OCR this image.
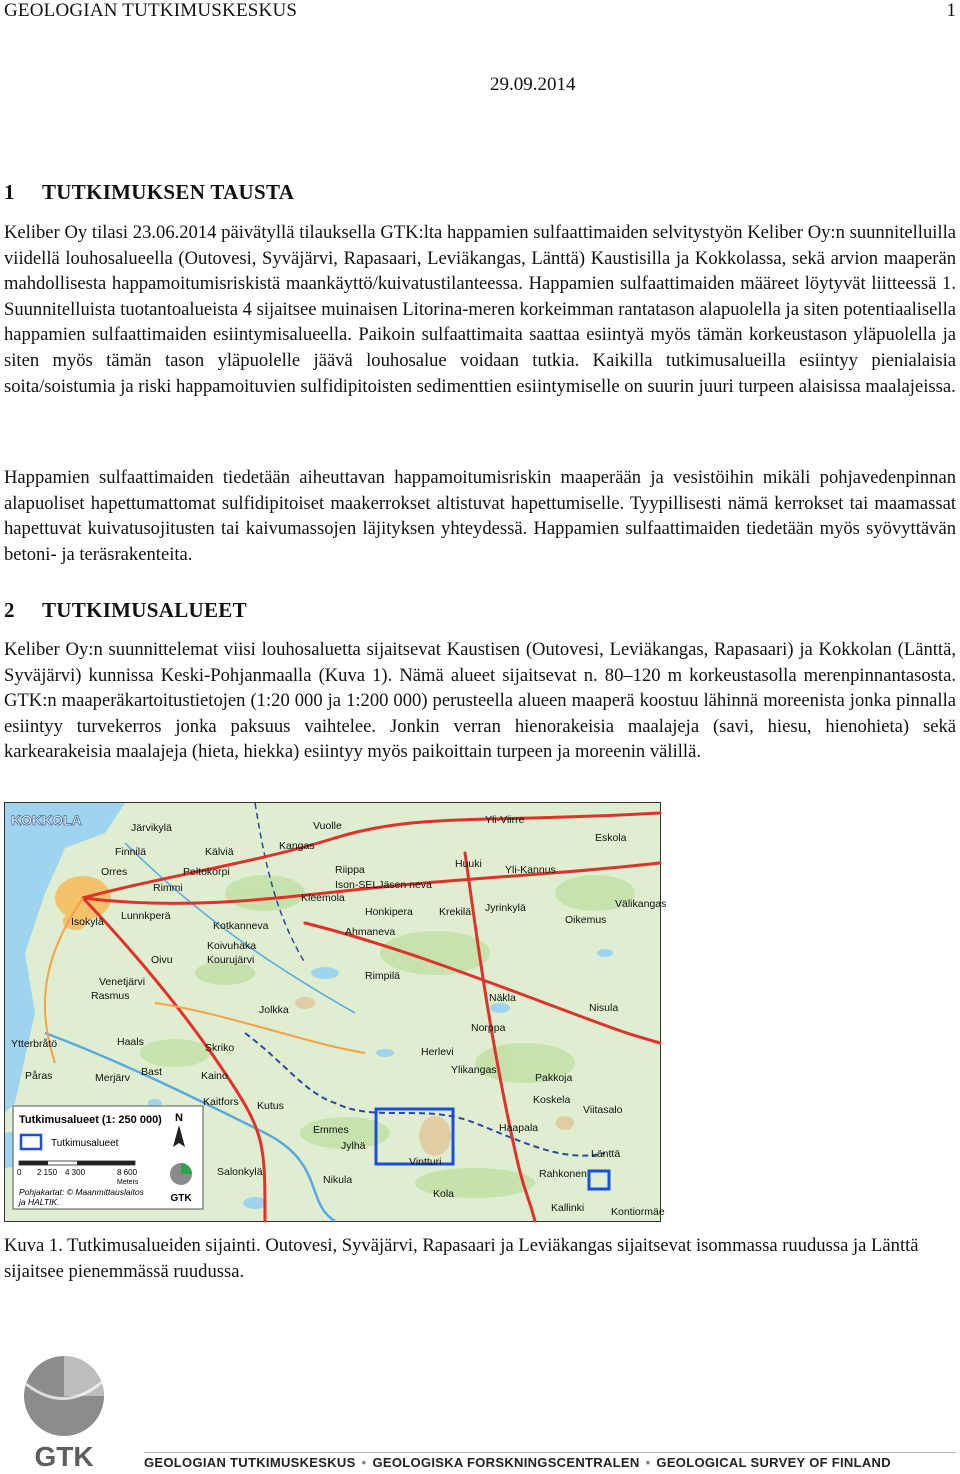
GEOLOGIAN TUTKIMUSKESKUS	1
29.09.2014
1 TUTKIMUKSEN TAUSTA

Keliber Oy tilasi 23.06.2014 päivätyllä tilauksella GTK:lta happamien sulfaattimaiden selvitystyön Keliber Oy:n suunnitelluilla viidellä louhosalueella (Outovesi, Syväjärvi, Rapasaari, Leviäkangas, Länttä) Kaustisilla ja Kokkolassa, sekä arvion maaperän mahdollisesta happamoitumisriskistä maankäyttö/kuivatustilanteessa. Happamien sulfaattimaiden määreet löytyvät liitteessä 1. Suunnitelluista tuotantoalueista 4 sijaitsee muinaisen Litorina-meren korkeimman rantatason alapuolella ja siten potentiaalisella happamien sulfaattimaiden esiintymisalueella. Paikoin sulfaattimaita saattaa esiintyä myös tämän korkeustason yläpuolella ja siten myös tämän tason yläpuolelle jäävä louhosalue voidaan tutkia. Kaikilla tutkimusalueilla esiintyy pienialaisia soita/soistumia ja riski happamoituvien sulfidipitoisten sedimenttien esiintymiselle on suurin juuri turpeen alaisissa maalajeissa.

Happamien sulfaattimaiden tiedetään aiheuttavan happamoitumisriskin maaperään ja vesistöihin mikäli pohjavedenpinnan alapuoliset hapettumattomat sulfidipitoiset maakerrokset altistuvat hapettumiselle. Tyypillisesti nämä kerrokset tai maamassat hapettuvat kuivatusojitusten tai kaivumassojen läjityksen yhteydessä. Happamien sulfaattimaiden tiedetään myös syövyttävän betoni- ja teräsrakenteita.

2 TUTKIMUSALUEET

Keliber Oy:n suunnittelemat viisi louhosaluetta sijaitsevat Kaustisen (Outovesi, Leviäkangas, Rapasaari) ja Kokkolan (Länttä, Syväjärvi) kunnissa Keski-Pohjanmaalla (Kuva 1). Nämä alueet sijaitsevat n. 80–120 m korkeustasolla merenpinnantasosta. GTK:n maaperäkartoitustietojen (1:20 000 ja 1:200 000) perusteella alueen maaperä koostuu lähinnä moreenista jonka pinnalla esiintyy turvekerros jonka paksuus vaihtelee. Jonkin verran hienorakeisia maalajeja (savi, hiesu, hienohieta) sekä karkearakeisia maalajeja (hieta, hiekka) esiintyy myös paikoittain turpeen ja moreenin välillä.

KOKKOLA	Järvikylä	Vuolle	Yli-Viirre
Finnilä	Kälviä	Kangas
Eskola
Orres	Peltokorpi	Riippa	Huuki Yli-Kannus
Rimmi
Kleemola
Ison-SELJäsen neva
Honkipera Krekilä
Isokylä Lunnkperä
Ahmaneva
Kotkanneva
Jyrinkylä
Oikemus
Välikangas
Koivuhaka
Kourujärvi
Oivu
Venetjärvi
Rasmus
Rimpilä
Näkla
Nisula
Jolkka
Norppa
Ytterbråtö	Haals	Skriko	Herlevi
Ylikangas
Påras	Merjärv Bast	Kaino	Pakkoja
Koskela
Kaitfors Kutus	Viitasalo
Emmes
Jylhä
Haapala
Länttä
Vintturi
Salonkylä
Nikula	Rahkonen
Kola
Kallinki	Kontiormäe
Tutkimusalueet (1: 250 000)
Tutkimusalueet
N
0 2 150 4 300	8 600
Meters
Pohjakartat: © Maanmittauslaitos
ja HALTIK.	GTK

Kuva 1. Tutkimusalueiden sijainti. Outovesi, Syväjärvi, Rapasaari ja Leviäkangas sijaitsevat isommassa ruudussa ja Länttä sijaitsee pienemmässä ruudussa.

GTK	GEOLOGIAN TUTKIMUSKESKUS • GEOLOGISKA FORSKNINGSCENTRALEN • GEOLOGICAL SURVEY OF FINLAND
